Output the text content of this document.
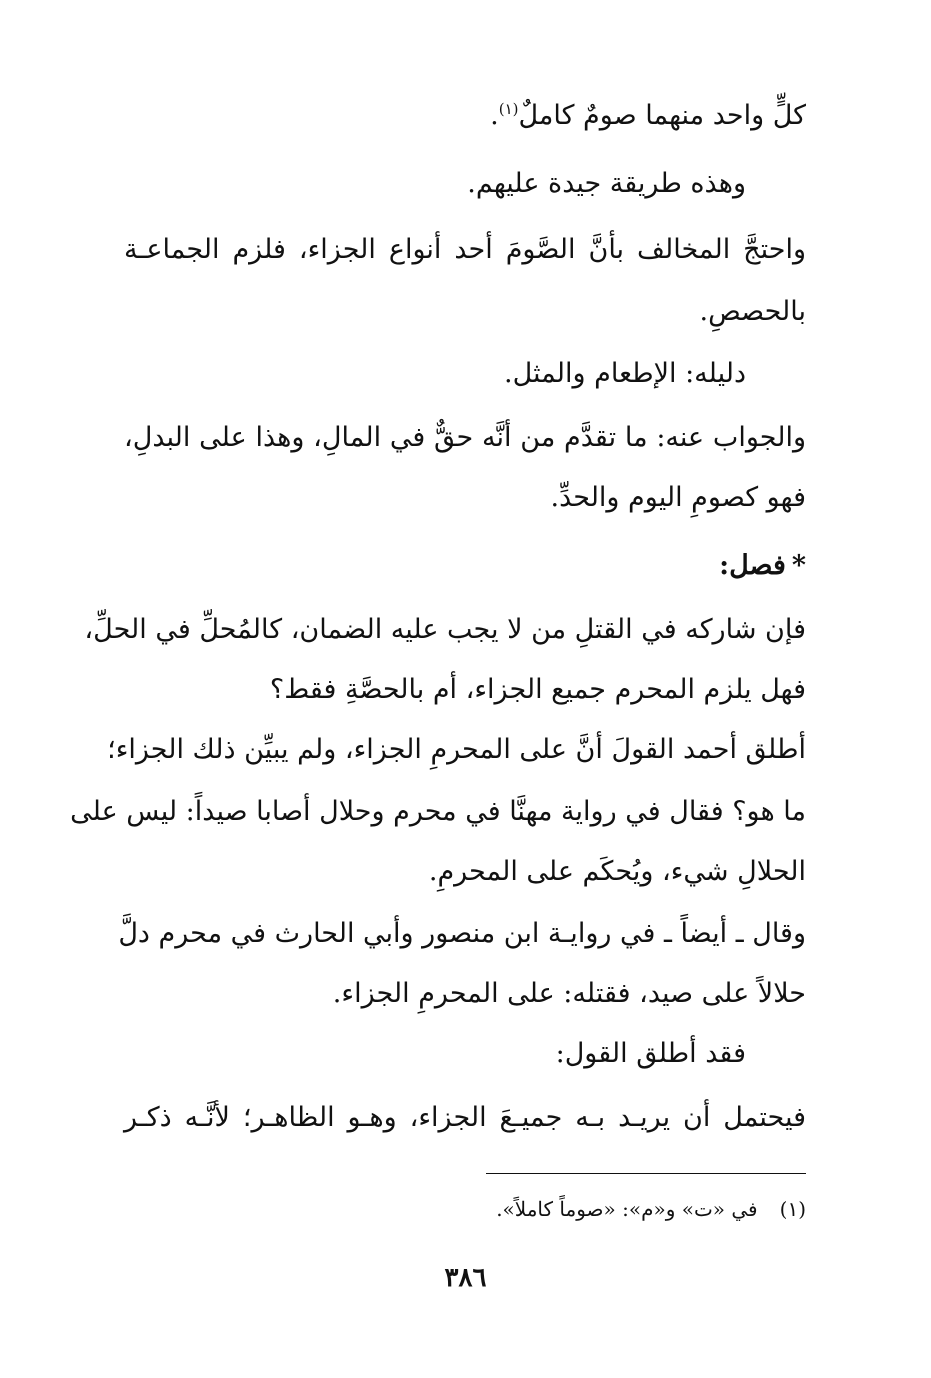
كلٍّ واحد منهما صومٌ كاملٌ$^{(١)}$.
وهذه طريقة جيدة عليهم.
واحتجَّ المخالف بأنَّ الصَّومَ أحد أنواع الجزاء، فلزم الجماعـة
بالحصصِ.
دليله: الإطعام والمثل.
والجواب عنه: ما تقدَّم من أنَّه حقٌّ في المالِ، وهذا على البدلِ،
فهو كصومِ اليوم والحدِّ.
*فصل:
فإن شاركه في القتلِ من لا يجب عليه الضمان، كالمُحلِّ في الحلِّ،
فهل يلزم المحرم جميع الجزاء، أم بالحصَّةِ فقط؟
أطلق أحمد القولَ أنَّ على المحرمِ الجزاء، ولم يبيِّن ذلك الجزاء؛
ما هو؟ فقال في رواية مهنَّا في محرم وحلال أصابا صيداً: ليس على
الحلالِ شيء، ويُحكَم على المحرمِ.
وقال ـ أيضاً ـ في روايـة ابن منصور وأبي الحارث في محرم دلَّ
حلالاً على صيد، فقتله: على المحرمِ الجزاء.
فقد أطلق القول:
فيحتمل أن يريـد بـه جميـعَ الجزاء، وهـو الظاهـر؛ لأنَّـه ذكـر
(١)في «ت» و«م»: «صوماً كاملاً».
٣٨٦
